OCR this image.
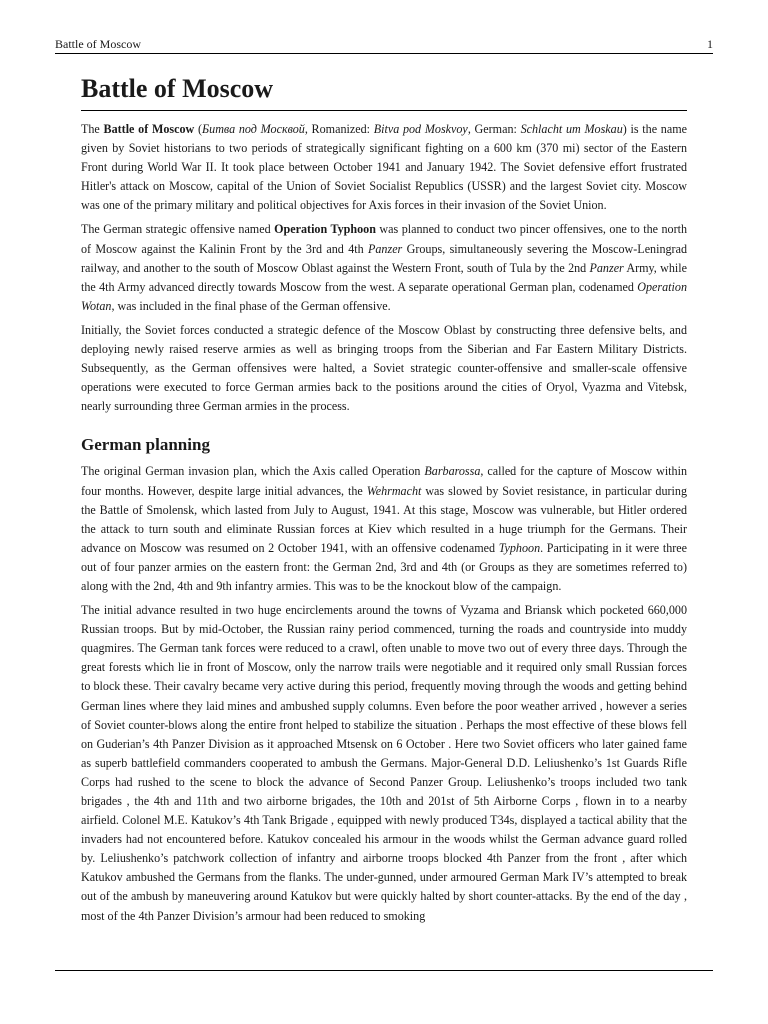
Battle of Moscow	1
Battle of Moscow

The Battle of Moscow (Битва под Москвой, Romanized: Bitva pod Moskvoy, German: Schlacht um Moskau) is the name given by Soviet historians to two periods of strategically significant fighting on a 600 km (370 mi) sector of the Eastern Front during World War II. It took place between October 1941 and January 1942. The Soviet defensive effort frustrated Hitler's attack on Moscow, capital of the Union of Soviet Socialist Republics (USSR) and the largest Soviet city. Moscow was one of the primary military and political objectives for Axis forces in their invasion of the Soviet Union.

The German strategic offensive named Operation Typhoon was planned to conduct two pincer offensives, one to the north of Moscow against the Kalinin Front by the 3rd and 4th Panzer Groups, simultaneously severing the Moscow-Leningrad railway, and another to the south of Moscow Oblast against the Western Front, south of Tula by the 2nd Panzer Army, while the 4th Army advanced directly towards Moscow from the west. A separate operational German plan, codenamed Operation Wotan, was included in the final phase of the German offensive.

Initially, the Soviet forces conducted a strategic defence of the Moscow Oblast by constructing three defensive belts, and deploying newly raised reserve armies as well as bringing troops from the Siberian and Far Eastern Military Districts. Subsequently, as the German offensives were halted, a Soviet strategic counter-offensive and smaller-scale offensive operations were executed to force German armies back to the positions around the cities of Oryol, Vyazma and Vitebsk, nearly surrounding three German armies in the process.

German planning

The original German invasion plan, which the Axis called Operation Barbarossa, called for the capture of Moscow within four months. However, despite large initial advances, the Wehrmacht was slowed by Soviet resistance, in particular during the Battle of Smolensk, which lasted from July to August, 1941. At this stage, Moscow was vulnerable, but Hitler ordered the attack to turn south and eliminate Russian forces at Kiev which resulted in a huge triumph for the Germans. Their advance on Moscow was resumed on 2 October 1941, with an offensive codenamed Typhoon. Participating in it were three out of four panzer armies on the eastern front: the German 2nd, 3rd and 4th (or Groups as they are sometimes referred to) along with the 2nd, 4th and 9th infantry armies. This was to be the knockout blow of the campaign.

The initial advance resulted in two huge encirclements around the towns of Vyzama and Briansk which pocketed 660,000 Russian troops. But by mid-October, the Russian rainy period commenced, turning the roads and countryside into muddy quagmires. The German tank forces were reduced to a crawl, often unable to move two out of every three days. Through the great forests which lie in front of Moscow, only the narrow trails were negotiable and it required only small Russian forces to block these. Their cavalry became very active during this period, frequently moving through the woods and getting behind German lines where they laid mines and ambushed supply columns. Even before the poor weather arrived , however a series of Soviet counter-blows along the entire front helped to stabilize the situation . Perhaps the most effective of these blows fell on Guderian’s 4th Panzer Division as it approached Mtsensk on 6 October . Here two Soviet officers who later gained fame as superb battlefield commanders cooperated to ambush the Germans. Major-General D.D. Leliushenko’s 1st Guards Rifle Corps had rushed to the scene to block the advance of Second Panzer Group. Leliushenko’s troops included two tank brigades , the 4th and 11th and two airborne brigades, the 10th and 201st of 5th Airborne Corps , flown in to a nearby airfield. Colonel M.E. Katukov’s 4th Tank Brigade , equipped with newly produced T34s, displayed a tactical ability that the invaders had not encountered before. Katukov concealed his armour in the woods whilst the German advance guard rolled by. Leliushenko’s patchwork collection of infantry and airborne troops blocked 4th Panzer from the front , after which Katukov ambushed the Germans from the flanks. The under-gunned, under armoured German Mark IV’s attempted to break out of the ambush by maneuvering around Katukov but were quickly halted by short counter-attacks. By the end of the day , most of the 4th Panzer Division’s armour had been reduced to smoking
